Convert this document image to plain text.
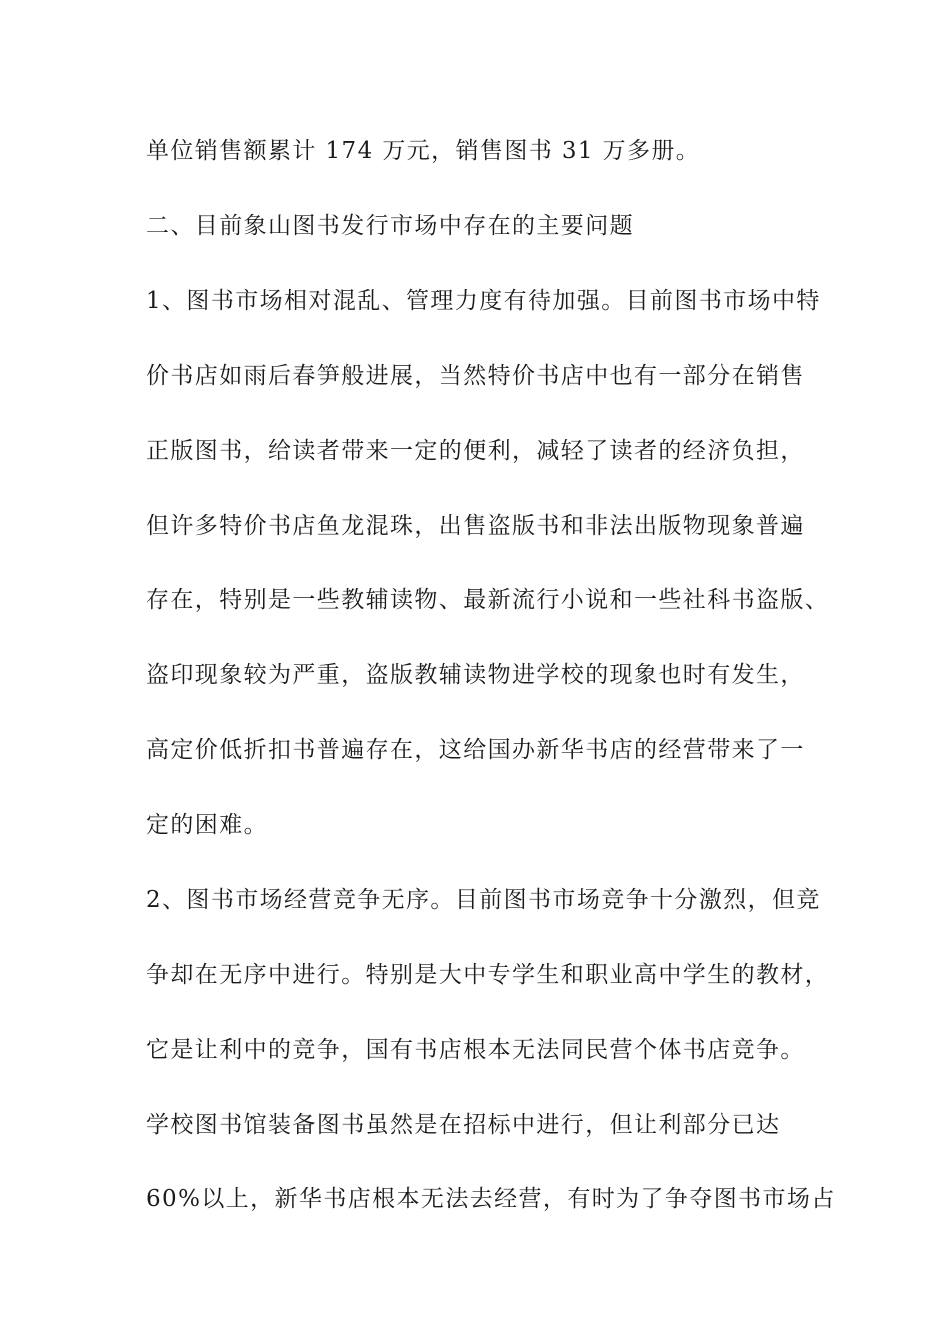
单位销售额累计 174 万元，销售图书 31 万多册。
二、目前象山图书发行市场中存在的主要问题
1、图书市场相对混乱、管理力度有待加强。目前图书市场中特
价书店如雨后春笋般进展，当然特价书店中也有一部分在销售
正版图书，给读者带来一定的便利，减轻了读者的经济负担，
但许多特价书店鱼龙混珠，出售盗版书和非法出版物现象普遍
存在，特别是一些教辅读物、最新流行小说和一些社科书盗版、
盗印现象较为严重，盗版教辅读物进学校的现象也时有发生，
高定价低折扣书普遍存在，这给国办新华书店的经营带来了一
定的困难。
2、图书市场经营竞争无序。目前图书市场竞争十分激烈，但竞
争却在无序中进行。特别是大中专学生和职业高中学生的教材，
它是让利中的竞争，国有书店根本无法同民营个体书店竞争。
学校图书馆装备图书虽然是在招标中进行，但让利部分已达
60%以上，新华书店根本无法去经营，有时为了争夺图书市场占
